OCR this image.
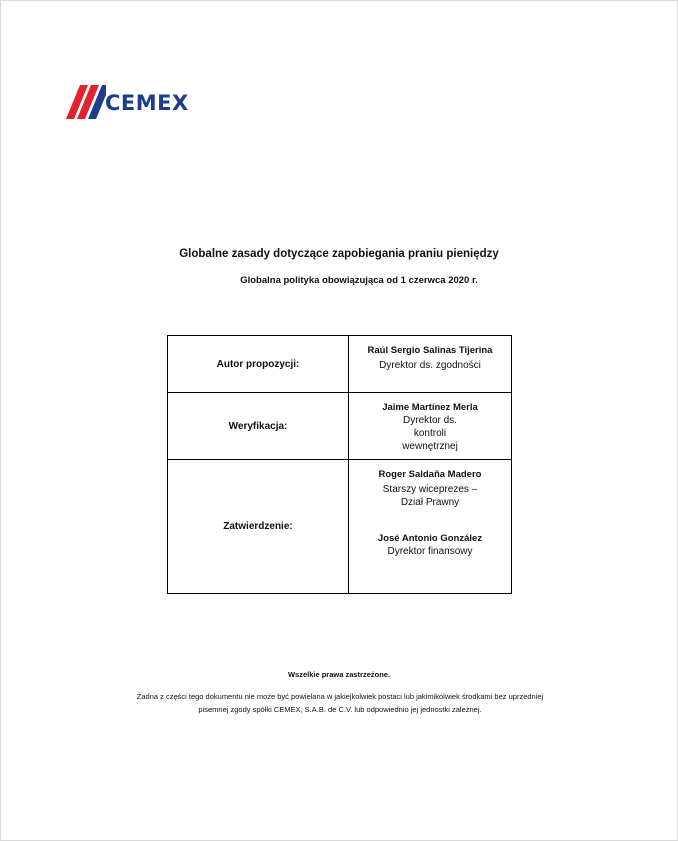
CEMEX
Globalne zasady dotyczące zapobiegania praniu pieniędzy
Globalna polityka obowiązująca od 1 czerwca 2020 r.
Autor propozycji:	Raúl Sergio Salinas Tijerina
Dyrektor ds. zgodności

Weryfikacja:	Jaime Martínez Merla
Dyrektor ds. kontroli wewnętrznej

Zatwierdzenie:	Roger Saldaña Madero
Starszy wiceprezes – Dział Prawny
José Antonio González
Dyrektor finansowy
Wszelkie prawa zastrzeżone.
Żadna z części tego dokumentu nie może być powielana w jakiejkolwiek postaci lub jakimikolwiek środkami bez uprzedniej
pisemnej zgody spółki CEMEX, S.A.B. de C.V. lub odpowiednio jej jednostki zależnej.
